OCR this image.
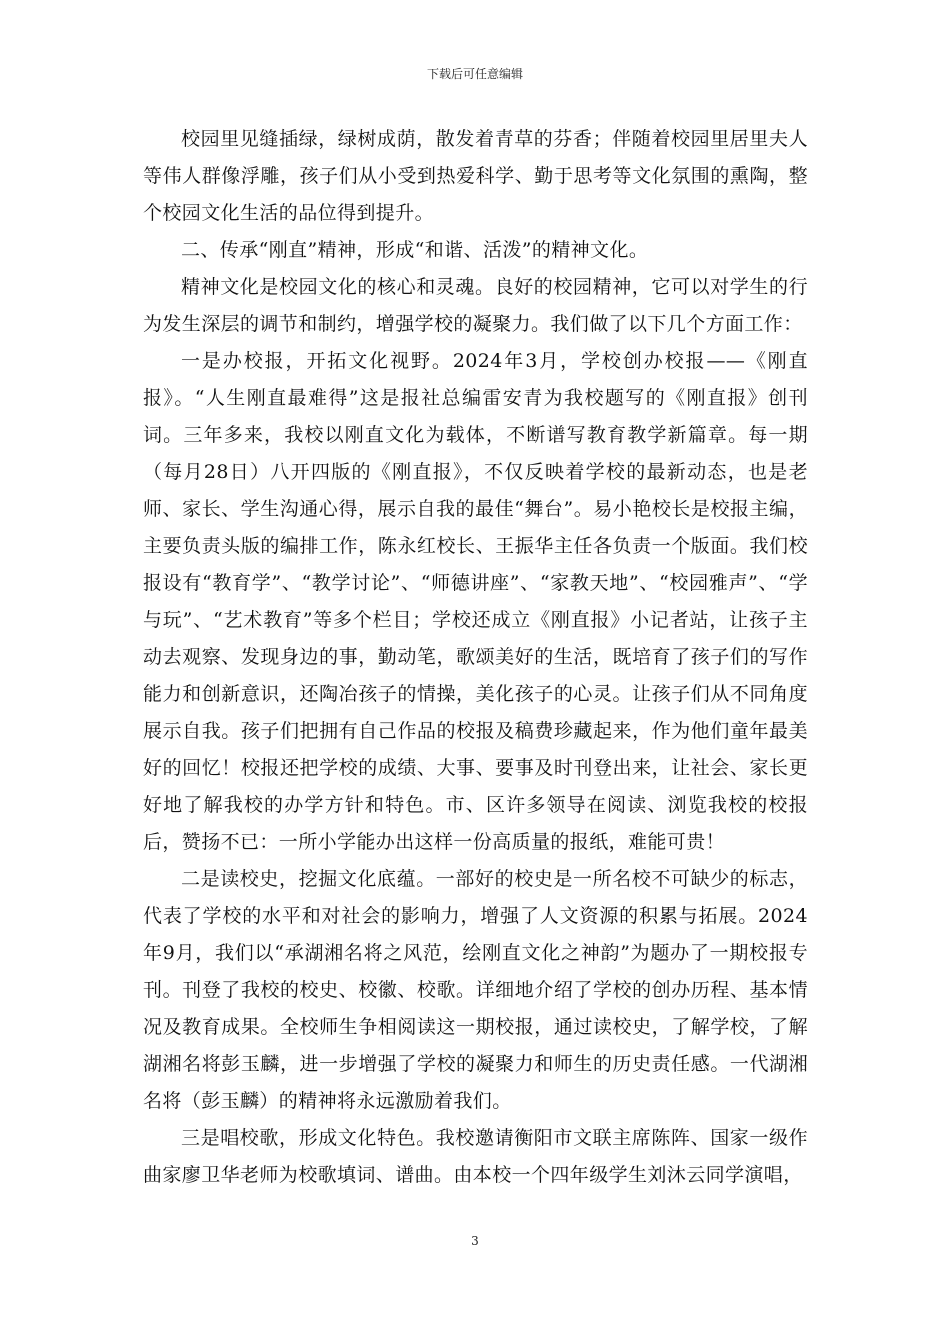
下载后可任意编辑

校园里见缝插绿，绿树成荫，散发着青草的芬香；伴随着校园里居里夫人等伟人群像浮雕，孩子们从小受到热爱科学、勤于思考等文化氛围的熏陶，整个校园文化生活的品位得到提升。

二、传承“刚直”精神，形成“和谐、活泼”的精神文化。

精神文化是校园文化的核心和灵魂。良好的校园精神，它可以对学生的行为发生深层的调节和制约，增强学校的凝聚力。我们做了以下几个方面工作：

一是办校报，开拓文化视野。2024年3月，学校创办校报——《刚直报》。“人生刚直最难得”这是报社总编雷安青为我校题写的《刚直报》创刊词。三年多来，我校以刚直文化为载体，不断谱写教育教学新篇章。每一期（每月28日）八开四版的《刚直报》，不仅反映着学校的最新动态，也是老师、家长、学生沟通心得，展示自我的最佳“舞台”。易小艳校长是校报主编，主要负责头版的编排工作，陈永红校长、王振华主任各负责一个版面。我们校报设有“教育学”、“教学讨论”、“师德讲座”、“家教天地”、“校园雅声”、“学与玩”、“艺术教育”等多个栏目；学校还成立《刚直报》小记者站，让孩子主动去观察、发现身边的事，勤动笔，歌颂美好的生活，既培育了孩子们的写作能力和创新意识，还陶冶孩子的情操，美化孩子的心灵。让孩子们从不同角度展示自我。孩子们把拥有自己作品的校报及稿费珍藏起来，作为他们童年最美好的回忆！校报还把学校的成绩、大事、要事及时刊登出来，让社会、家长更好地了解我校的办学方针和特色。市、区许多领导在阅读、浏览我校的校报后，赞扬不已：一所小学能办出这样一份高质量的报纸，难能可贵！

二是读校史，挖掘文化底蕴。一部好的校史是一所名校不可缺少的标志，代表了学校的水平和对社会的影响力，增强了人文资源的积累与拓展。2024年9月，我们以“承湖湘名将之风范，绘刚直文化之神韵”为题办了一期校报专刊。刊登了我校的校史、校徽、校歌。详细地介绍了学校的创办历程、基本情况及教育成果。全校师生争相阅读这一期校报，通过读校史，了解学校，了解湖湘名将彭玉麟，进一步增强了学校的凝聚力和师生的历史责任感。一代湖湘名将（彭玉麟）的精神将永远激励着我们。

三是唱校歌，形成文化特色。我校邀请衡阳市文联主席陈阵、国家一级作曲家廖卫华老师为校歌填词、谱曲。由本校一个四年级学生刘沐云同学演唱，

3
